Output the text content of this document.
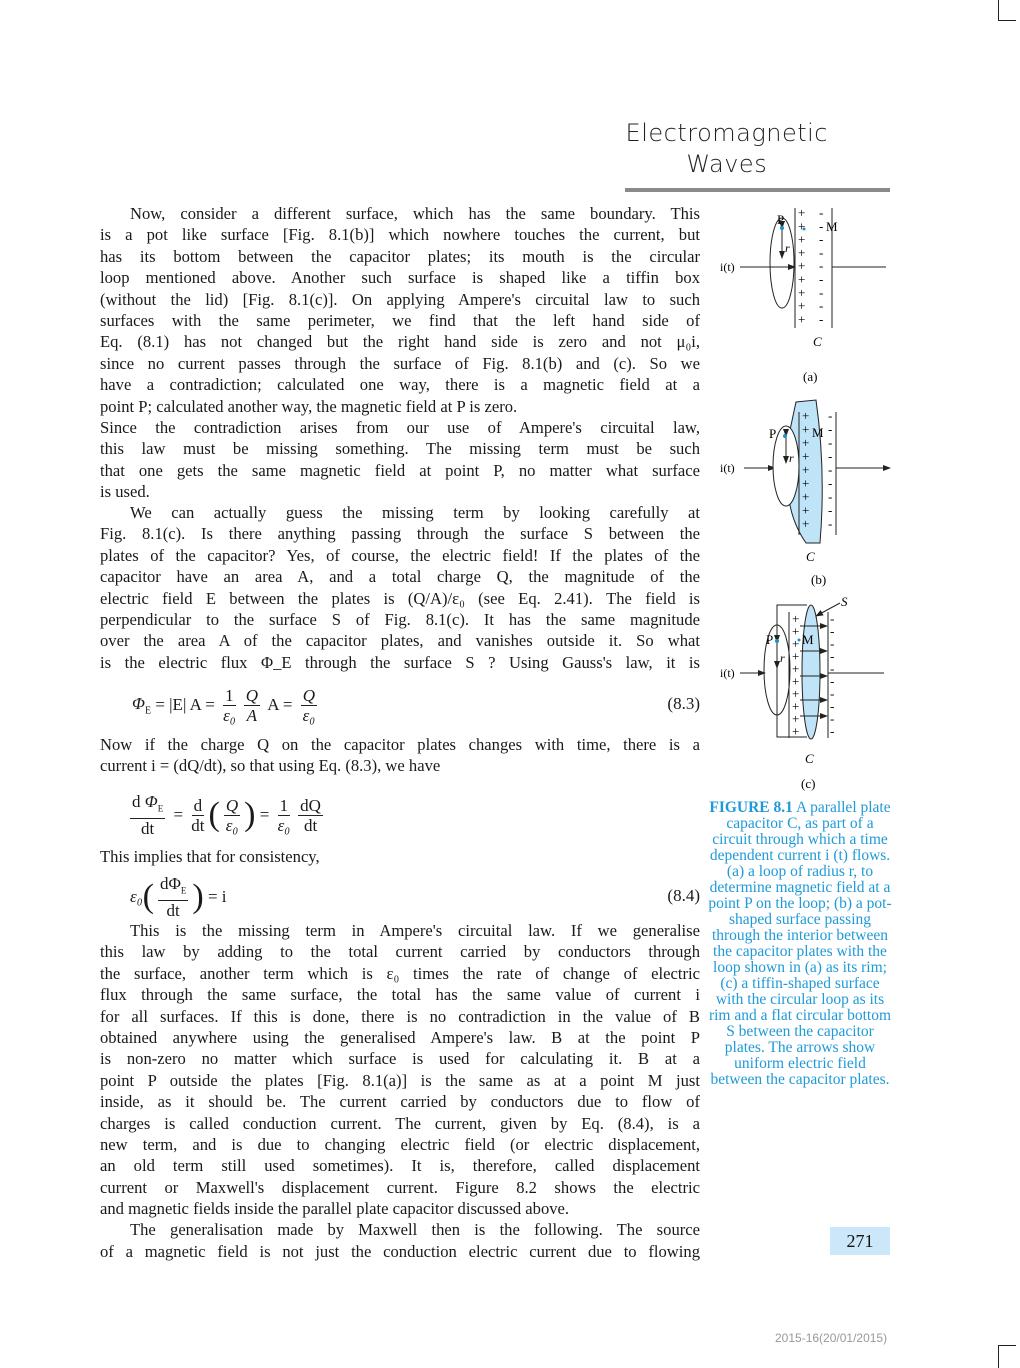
Electromagnetic
Waves
Now, consider a different surface, which has the same boundary. This
is a pot like surface [Fig. 8.1(b)] which nowhere touches the current, but
has its bottom between the capacitor plates; its mouth is the circular
loop mentioned above. Another such surface is shaped like a tiffin box
(without the lid) [Fig. 8.1(c)]. On applying Ampere's circuital law to such
surfaces with the same perimeter, we find that the left hand side of
Eq. (8.1) has not changed but the right hand side is zero and not μ₀i,
since no current passes through the surface of Fig. 8.1(b) and (c). So we
have a contradiction; calculated one way, there is a magnetic field at a
point P; calculated another way, the magnetic field at P is zero.
Since the contradiction arises from our use of Ampere's circuital law,
this law must be missing something. The missing term must be such
that one gets the same magnetic field at point P, no matter what surface
is used.
We can actually guess the missing term by looking carefully at
Fig. 8.1(c). Is there anything passing through the surface S between the
plates of the capacitor? Yes, of course, the electric field! If the plates of the
capacitor have an area A, and a total charge Q, the magnitude of the
electric field E between the plates is (Q/A)/ε₀ (see Eq. 2.41). The field is
perpendicular to the surface S of Fig. 8.1(c). It has the same magnitude
over the area A of the capacitor plates, and vanishes outside it. So what
is the electric flux Φ_E through the surface S ? Using Gauss's law, it is
$\Phi_E = |E|$ $A = \frac{1}{\text{ε₀}} \frac{Q}{A}$ $A = \frac{Q}{\text{ε₀}}$	(8.3)
Now if the charge Q on the capacitor plates changes with time, there is a
current i = (dQ/dt), so that using Eq. (8.3), we have
$\frac{d \Phi_E}{dt} = \frac{d}{dt}$ ( $\frac{Q}{\text{ε₀}}$ ) = $\frac{1}{\text{ε₀}} \frac{dQ}{dt}$
This implies that for consistency,
ε₀ ( $\frac{d\Phi_E}{dt}$ ) = i	(8.4)
This is the missing term in Ampere's circuital law. If we generalise
this law by adding to the total current carried by conductors through
the surface, another term which is ε₀ times the rate of change of electric
flux through the same surface, the total has the same value of current i
for all surfaces. If this is done, there is no contradiction in the value of B
obtained anywhere using the generalised Ampere's law. B at the point P
is non-zero no matter which surface is used for calculating it. B at a
point P outside the plates [Fig. 8.1(a)] is the same as at a point M just
inside, as it should be. The current carried by conductors due to flow of
charges is called conduction current. The current, given by Eq. (8.4), is a
new term, and is due to changing electric field (or electric displacement,
an old term still used sometimes). It is, therefore, called displacement
current or Maxwell's displacement current. Figure 8.2 shows the electric
and magnetic fields inside the parallel plate capacitor discussed above.
The generalisation made by Maxwell then is the following. The source
of a magnetic field is not just the conduction electric current due to flowing
i(t)
P	M
r
C
(a)
i(t)
P	M
r
C
(b)
i(t)
P M
r
S
C
(c)
+ -
+ -
+ -
+ -
+ -
+ -
+ -
+ -
+ -
+ -
+ -
+ -
+ -
+ -
+ -
+ -
+ -
+ -
+ -
+ -
+ -
+ -
+ -
+ -
+ -
+ -
+ -
+ -
FIGURE 8.1 A parallel plate capacitor C, as part of a circuit through which a time dependent current i (t) flows. (a) a loop of radius r, to determine magnetic field at a point P on the loop; (b) a pot-shaped surface passing through the interior between the capacitor plates with the loop shown in (a) as its rim; (c) a tiffin-shaped surface with the circular loop as its rim and a flat circular bottom S between the capacitor plates. The arrows show uniform electric field between the capacitor plates.
271
2015-16(20/01/2015)
